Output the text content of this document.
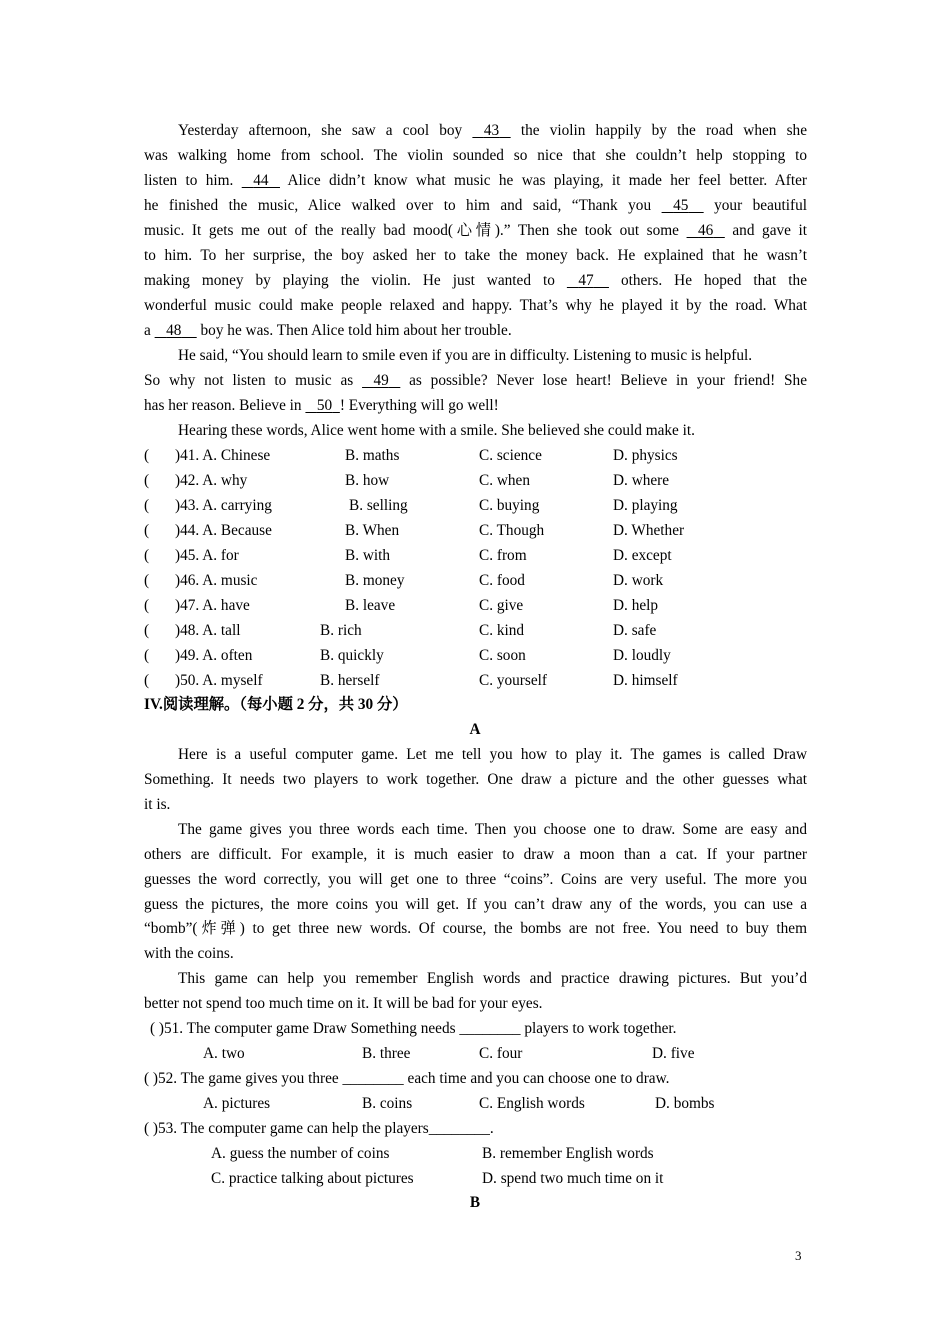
Yesterday afternoon, she saw a cool boy    43    the violin happily by the road when she
was walking home from school. The violin sounded so nice that she couldn’t help stopping to
listen to him.    44    Alice didn’t know what music he was playing, it made her feel better. After
he finished the music, Alice walked over to him and said, “Thank you    45     your beautiful
music. It gets me out of the really bad mood(心情).” Then she took out some    46    and gave it
to him. To her surprise, the boy asked her to take the money back. He explained that he wasn’t
making money by playing the violin. He just wanted to    47     others. He hoped that the
wonderful music could make people relaxed and happy. That’s why he played it by the road. What
a    48     boy he was. Then Alice told him about her trouble.
He said, “You should learn to smile even if you are in difficulty. Listening to music is helpful.
So why not listen to music as    49    as possible? Never lose heart! Believe in your friend! She
has her reason. Believe in    50 ! Everything will go well!
Hearing these words, Alice went home with a smile. She believed she could make it.
( )41. A. Chinese	B. maths	C. science	D. physics
( )42. A. why	B. how	C. when	D. where
( )43. A. carrying	B. selling	C. buying	D. playing
( )44. A. Because	B. When	C. Though	D. Whether
( )45. A. for	B. with	C. from	D. except
( )46. A. music	B. money	C. food	D. work
( )47. A. have	B. leave	C. give	D. help
( )48. A. tall	B. rich	C. kind	D. safe
( )49. A. often	B. quickly	C. soon	D. loudly
( )50. A. myself	B. herself	C. yourself	D. himself
IV.阅读理解。（每小题 2 分，共 30 分）
A
Here is a useful computer game. Let me tell you how to play it. The games is called Draw
Something. It needs two players to work together. One draw a picture and the other guesses what
it is.
The game gives you three words each time. Then you choose one to draw. Some are easy and
others are difficult. For example, it is much easier to draw a moon than a cat. If your partner
guesses the word correctly, you will get one to three “coins”. Coins are very useful. The more you
guess the pictures, the more coins you will get. If you can’t draw any of the words, you can use a
“bomb”(炸弹) to get three new words. Of course, the bombs are not free. You need to buy them
with the coins.
This game can help you remember English words and practice drawing pictures. But you’d
better not spend too much time on it. It will be bad for your eyes.
( )51. The computer game Draw Something needs ________ players to work together.
A. two	B. three	C. four	D. five
( )52. The game gives you three ________ each time and you can choose one to draw.
A. pictures	B. coins	C. English words	D. bombs
( )53. The computer game can help the players________.
A. guess the number of coins	B. remember English words
C. practice talking about pictures	D. spend two much time on it
B
3
